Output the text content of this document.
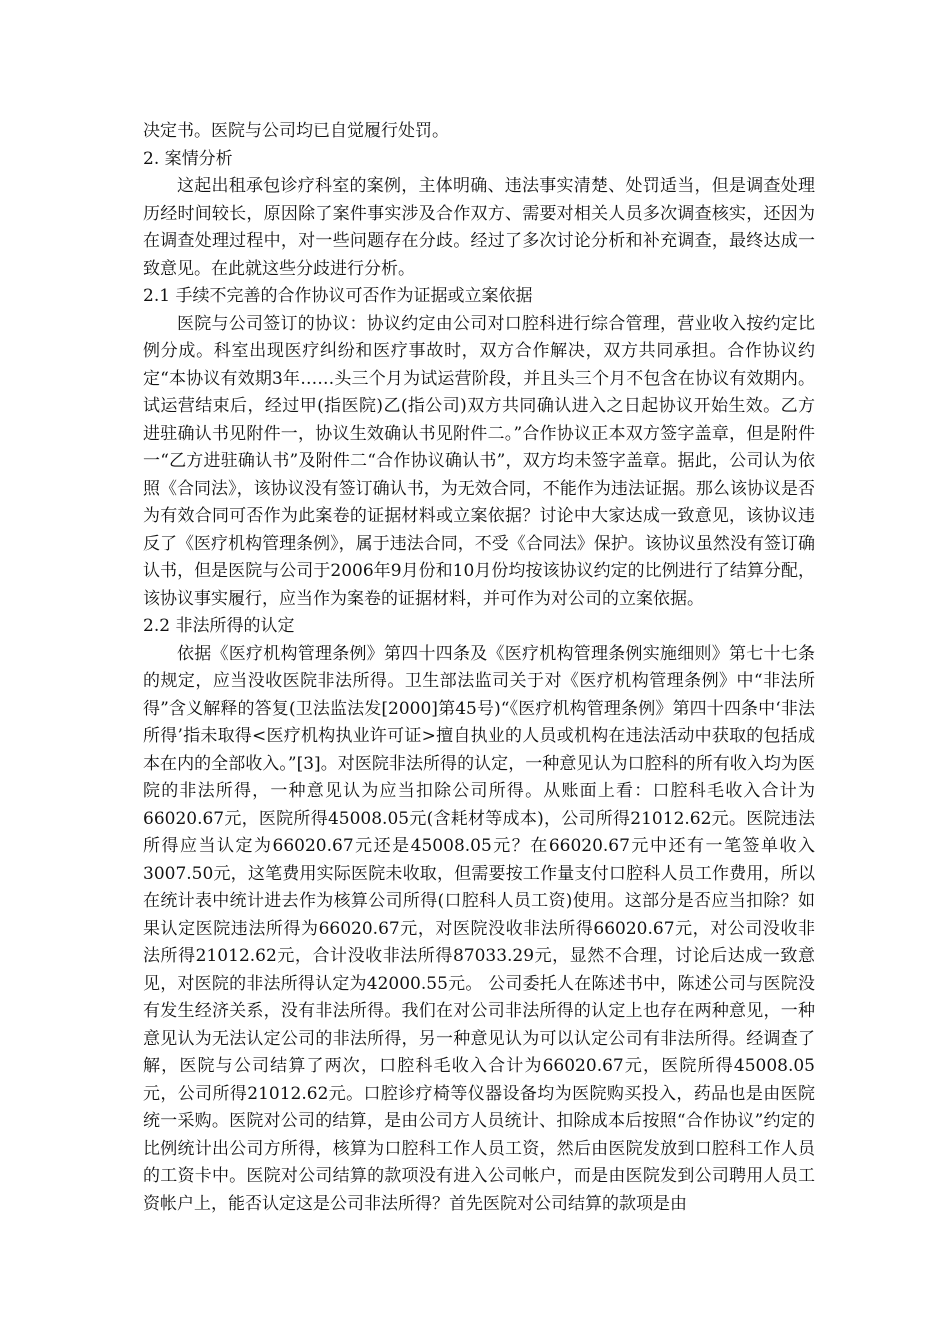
决定书。医院与公司均已自觉履行处罚。

2. 案情分析

这起出租承包诊疗科室的案例，主体明确、违法事实清楚、处罚适当，但是调查处理历经时间较长，原因除了案件事实涉及合作双方、需要对相关人员多次调查核实，还因为在调查处理过程中，对一些问题存在分歧。经过了多次讨论分析和补充调查，最终达成一致意见。在此就这些分歧进行分析。

2.1 手续不完善的合作协议可否作为证据或立案依据

医院与公司签订的协议：协议约定由公司对口腔科进行综合管理，营业收入按约定比例分成。科室出现医疗纠纷和医疗事故时，双方合作解决，双方共同承担。合作协议约定“本协议有效期3年……头三个月为试运营阶段，并且头三个月不包含在协议有效期内。试运营结束后，经过甲(指医院)乙(指公司)双方共同确认进入之日起协议开始生效。乙方进驻确认书见附件一，协议生效确认书见附件二。”合作协议正本双方签字盖章，但是附件一“乙方进驻确认书”及附件二“合作协议确认书”，双方均未签字盖章。据此，公司认为依照《合同法》，该协议没有签订确认书，为无效合同，不能作为违法证据。那么该协议是否为有效合同可否作为此案卷的证据材料或立案依据？讨论中大家达成一致意见，该协议违反了《医疗机构管理条例》，属于违法合同，不受《合同法》保护。该协议虽然没有签订确认书，但是医院与公司于2006年9月份和10月份均按该协议约定的比例进行了结算分配，该协议事实履行，应当作为案卷的证据材料，并可作为对公司的立案依据。

2.2 非法所得的认定

依据《医疗机构管理条例》第四十四条及《医疗机构管理条例实施细则》第七十七条的规定，应当没收医院非法所得。卫生部法监司关于对《医疗机构管理条例》中“非法所得”含义解释的答复(卫法监法发[2000]第45号)“《医疗机构管理条例》第四十四条中‘非法所得’指未取得<医疗机构执业许可证>擅自执业的人员或机构在违法活动中获取的包括成本在内的全部收入。”[3]。对医院非法所得的认定，一种意见认为口腔科的所有收入均为医院的非法所得，一种意见认为应当扣除公司所得。从账面上看：口腔科毛收入合计为66020.67元，医院所得45008.05元(含耗材等成本)，公司所得21012.62元。医院违法所得应当认定为66020.67元还是45008.05元？在66020.67元中还有一笔签单收入3007.50元，这笔费用实际医院未收取，但需要按工作量支付口腔科人员工作费用，所以在统计表中统计进去作为核算公司所得(口腔科人员工资)使用。这部分是否应当扣除？如果认定医院违法所得为66020.67元，对医院没收非法所得66020.67元，对公司没收非法所得21012.62元，合计没收非法所得87033.29元，显然不合理，讨论后达成一致意见，对医院的非法所得认定为42000.55元。 公司委托人在陈述书中，陈述公司与医院没有发生经济关系，没有非法所得。我们在对公司非法所得的认定上也存在两种意见，一种意见认为无法认定公司的非法所得，另一种意见认为可以认定公司有非法所得。经调查了解，医院与公司结算了两次，口腔科毛收入合计为66020.67元，医院所得45008.05元，公司所得21012.62元。口腔诊疗椅等仪器设备均为医院购买投入，药品也是由医院统一采购。医院对公司的结算，是由公司方人员统计、扣除成本后按照“合作协议”约定的比例统计出公司方所得，核算为口腔科工作人员工资，然后由医院发放到口腔科工作人员的工资卡中。医院对公司结算的款项没有进入公司帐户，而是由医院发到公司聘用人员工资帐户上，能否认定这是公司非法所得？首先医院对公司结算的款项是由
